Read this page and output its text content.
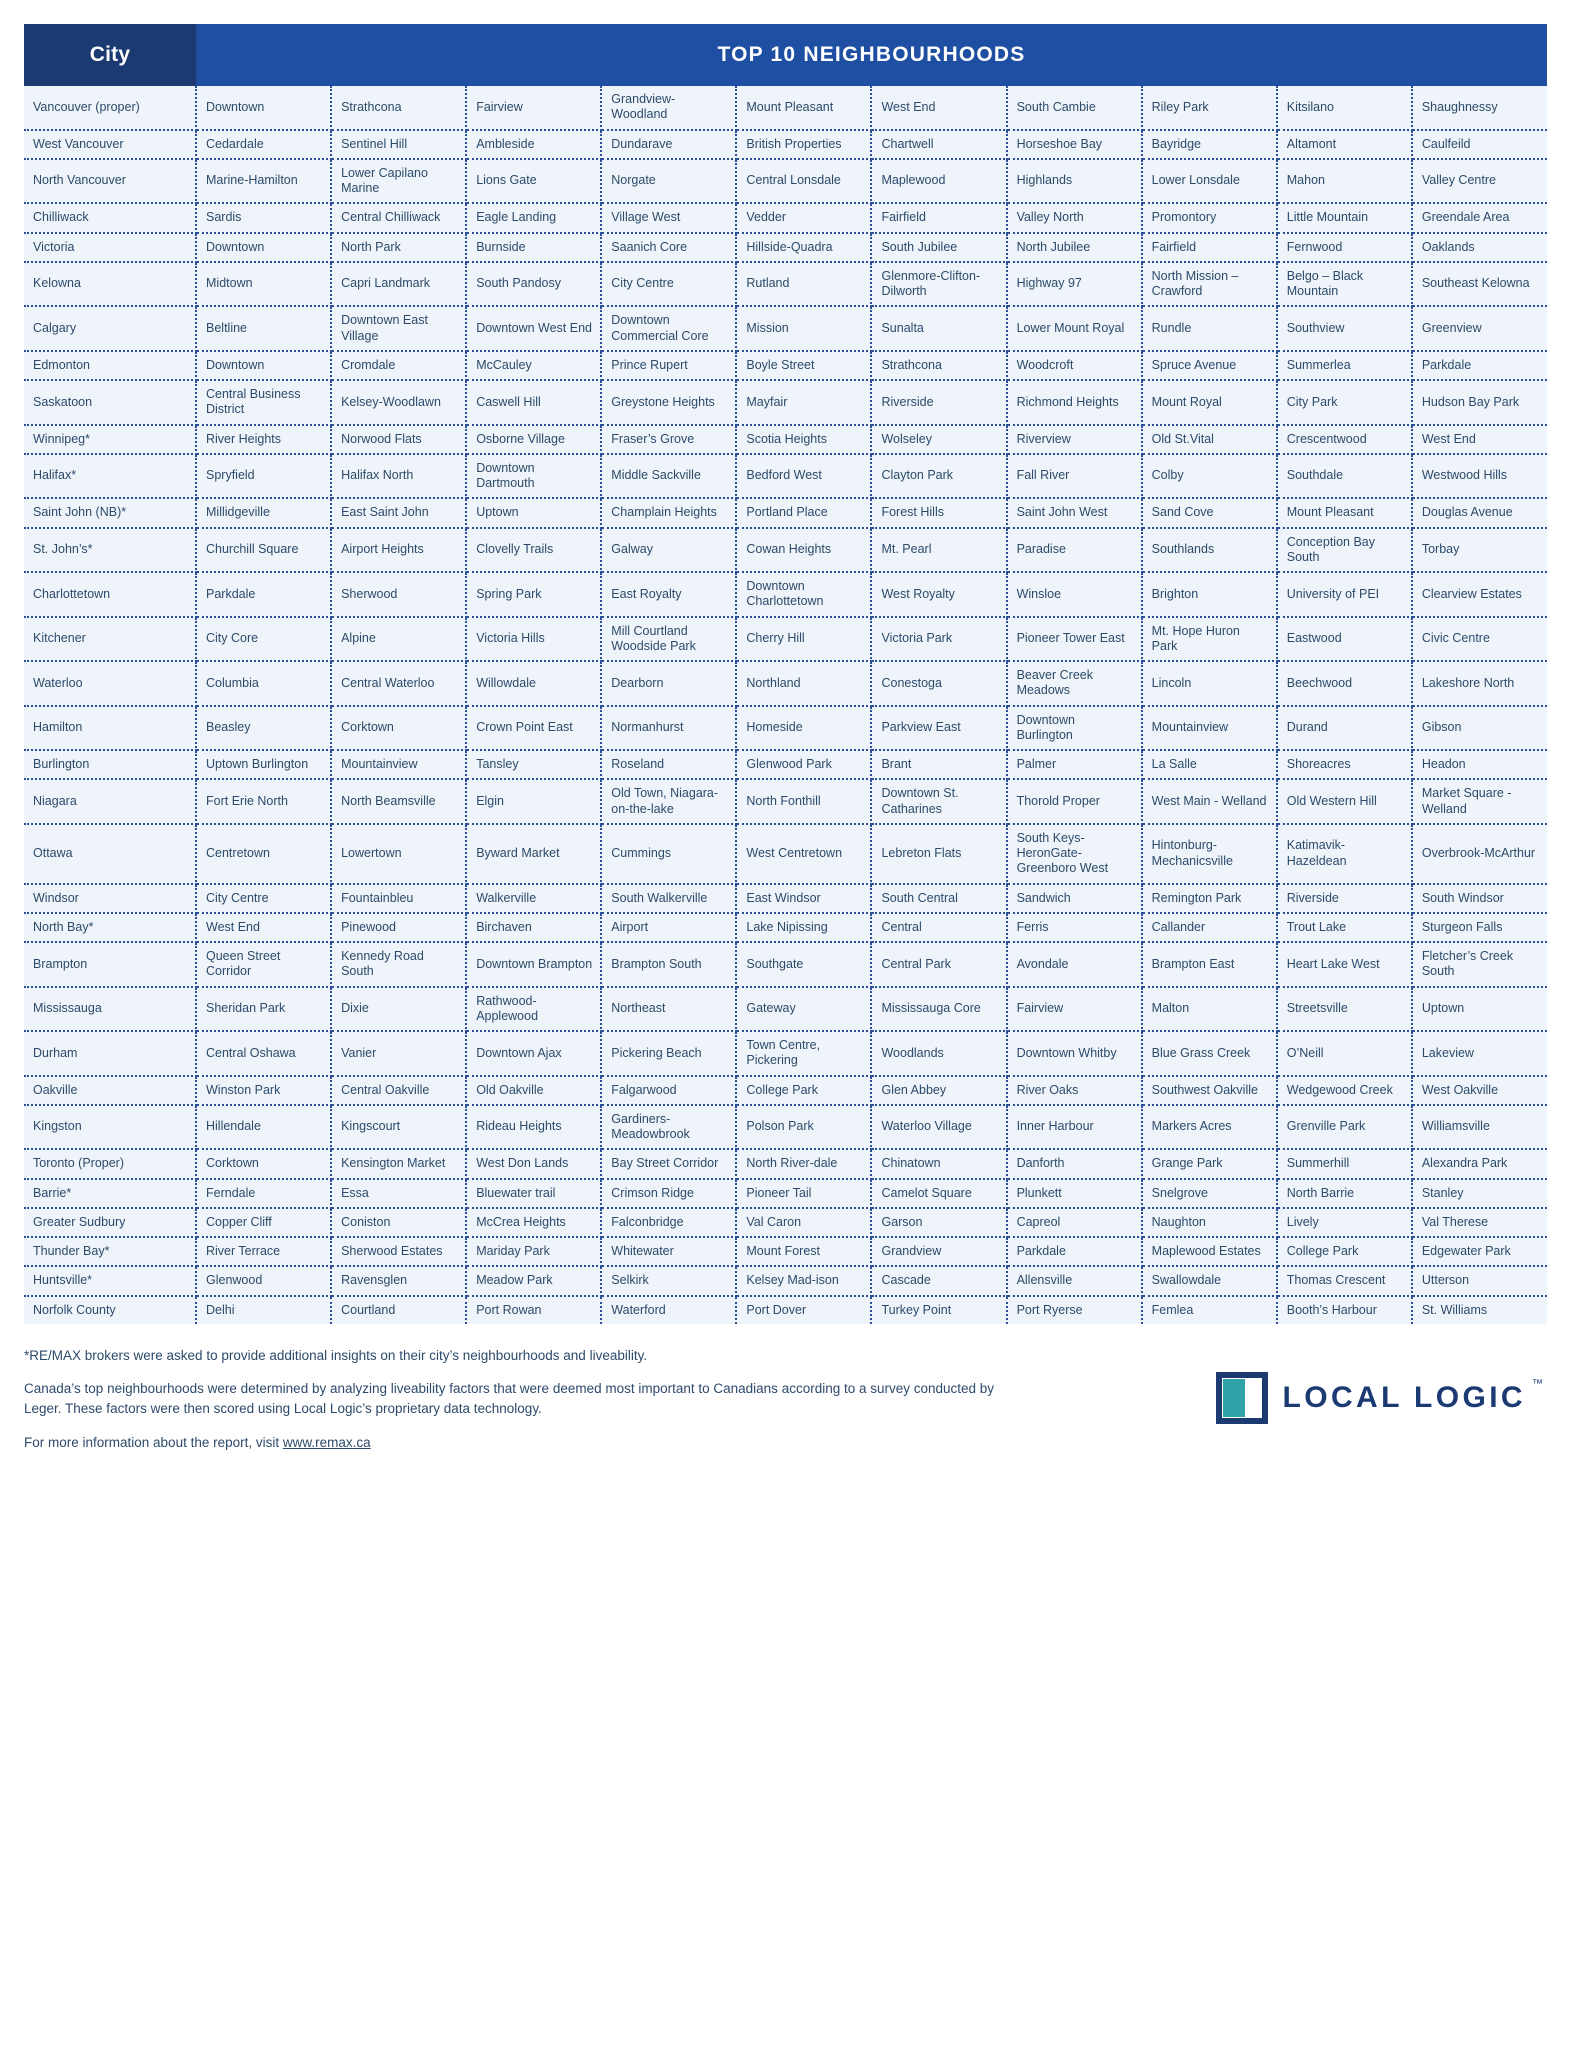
City	TOP 10 NEIGHBOURHOODS
Vancouver (proper)	Downtown	Strathcona	Fairview	Grandview-Woodland	Mount Pleasant	West End	South Cambie	Riley Park	Kitsilano	Shaughnessy
West Vancouver	Cedardale	Sentinel Hill	Ambleside	Dundarave	British Properties	Chartwell	Horseshoe Bay	Bayridge	Altamont	Caulfeild
North Vancouver	Marine-Hamilton	Lower Capilano Marine	Lions Gate	Norgate	Central Lonsdale	Maplewood	Highlands	Lower Lonsdale	Mahon	Valley Centre
Chilliwack	Sardis	Central Chilliwack	Eagle Landing	Village West	Vedder	Fairfield	Valley North	Promontory	Little Mountain	Greendale Area
Victoria	Downtown	North Park	Burnside	Saanich Core	Hillside-Quadra	South Jubilee	North Jubilee	Fairfield	Fernwood	Oaklands
Kelowna	Midtown	Capri Landmark	South Pandosy	City Centre	Rutland	Glenmore-Clifton-Dilworth	Highway 97	North Mission – Crawford	Belgo – Black Mountain	Southeast Kelowna
Calgary	Beltline	Downtown East Village	Downtown West End	Downtown Commercial Core	Mission	Sunalta	Lower Mount Royal	Rundle	Southview	Greenview
Edmonton	Downtown	Cromdale	McCauley	Prince Rupert	Boyle Street	Strathcona	Woodcroft	Spruce Avenue	Summerlea	Parkdale
Saskatoon	Central Business District	Kelsey-Woodlawn	Caswell Hill	Greystone Heights	Mayfair	Riverside	Richmond Heights	Mount Royal	City Park	Hudson Bay Park
Winnipeg*	River Heights	Norwood Flats	Osborne Village	Fraser’s Grove	Scotia Heights	Wolseley	Riverview	Old St.Vital	Crescentwood	West End
Halifax*	Spryfield	Halifax North	Downtown Dartmouth	Middle Sackville	Bedford West	Clayton Park	Fall River	Colby	Southdale	Westwood Hills
Saint John (NB)*	Millidgeville	East Saint John	Uptown	Champlain Heights	Portland Place	Forest Hills	Saint John West	Sand Cove	Mount Pleasant	Douglas Avenue
St. John’s*	Churchill Square	Airport Heights	Clovelly Trails	Galway	Cowan Heights	Mt. Pearl	Paradise	Southlands	Conception Bay South	Torbay
Charlottetown	Parkdale	Sherwood	Spring Park	East Royalty	Downtown Charlottetown	West Royalty	Winsloe	Brighton	University of PEI	Clearview Estates
Kitchener	City Core	Alpine	Victoria Hills	Mill Courtland Woodside Park	Cherry Hill	Victoria Park	Pioneer Tower East	Mt. Hope Huron Park	Eastwood	Civic Centre
Waterloo	Columbia	Central Waterloo	Willowdale	Dearborn	Northland	Conestoga	Beaver Creek Meadows	Lincoln	Beechwood	Lakeshore North
Hamilton	Beasley	Corktown	Crown Point East	Normanhurst	Homeside	Parkview East	Downtown Burlington	Mountainview	Durand	Gibson
Burlington	Uptown Burlington	Mountainview	Tansley	Roseland	Glenwood Park	Brant	Palmer	La Salle	Shoreacres	Headon
Niagara	Fort Erie North	North Beamsville	Elgin	Old Town, Niagara-on-the-lake	North Fonthill	Downtown St. Catharines	Thorold Proper	West Main - Welland	Old Western Hill	Market Square - Welland
Ottawa	Centretown	Lowertown	Byward Market	Cummings	West Centretown	Lebreton Flats	South Keys-HeronGate-Greenboro West	Hintonburg-Mechanicsville	Katimavik-Hazeldean	Overbrook-McArthur
Windsor	City Centre	Fountainbleu	Walkerville	South Walkerville	East Windsor	South Central	Sandwich	Remington Park	Riverside	South Windsor
North Bay*	West End	Pinewood	Birchaven	Airport	Lake Nipissing	Central	Ferris	Callander	Trout Lake	Sturgeon Falls
Brampton	Queen Street Corridor	Kennedy Road South	Downtown Brampton	Brampton South	Southgate	Central Park	Avondale	Brampton East	Heart Lake West	Fletcher’s Creek South
Mississauga	Sheridan Park	Dixie	Rathwood-Applewood	Northeast	Gateway	Mississauga Core	Fairview	Malton	Streetsville	Uptown
Durham	Central Oshawa	Vanier	Downtown Ajax	Pickering Beach	Town Centre, Pickering	Woodlands	Downtown Whitby	Blue Grass Creek	O’Neill	Lakeview
Oakville	Winston Park	Central Oakville	Old Oakville	Falgarwood	College Park	Glen Abbey	River Oaks	Southwest Oakville	Wedgewood Creek	West Oakville
Kingston	Hillendale	Kingscourt	Rideau Heights	Gardiners-Meadowbrook	Polson Park	Waterloo Village	Inner Harbour	Markers Acres	Grenville Park	Williamsville
Toronto (Proper)	Corktown	Kensington Market	West Don Lands	Bay Street Corridor	North River-dale	Chinatown	Danforth	Grange Park	Summerhill	Alexandra Park
Barrie*	Ferndale	Essa	Bluewater trail	Crimson Ridge	Pioneer Tail	Camelot Square	Plunkett	Snelgrove	North Barrie	Stanley
Greater Sudbury	Copper Cliff	Coniston	McCrea Heights	Falconbridge	Val Caron	Garson	Capreol	Naughton	Lively	Val Therese
Thunder Bay*	River Terrace	Sherwood Estates	Mariday Park	Whitewater	Mount Forest	Grandview	Parkdale	Maplewood Estates	College Park	Edgewater Park
Huntsville*	Glenwood	Ravensglen	Meadow Park	Selkirk	Kelsey Mad-ison	Cascade	Allensville	Swallowdale	Thomas Crescent	Utterson
Norfolk County	Delhi	Courtland	Port Rowan	Waterford	Port Dover	Turkey Point	Port Ryerse	Femlea	Booth’s Harbour	St. Williams

*RE/MAX brokers were asked to provide additional insights on their city’s neighbourhoods and liveability.

Canada’s top neighbourhoods were determined by analyzing liveability factors that were deemed most important to Canadians according to a survey conducted by Leger. These factors were then scored using Local Logic’s proprietary data technology.

For more information about the report, visit www.remax.ca

LOCAL LOGIC ™
